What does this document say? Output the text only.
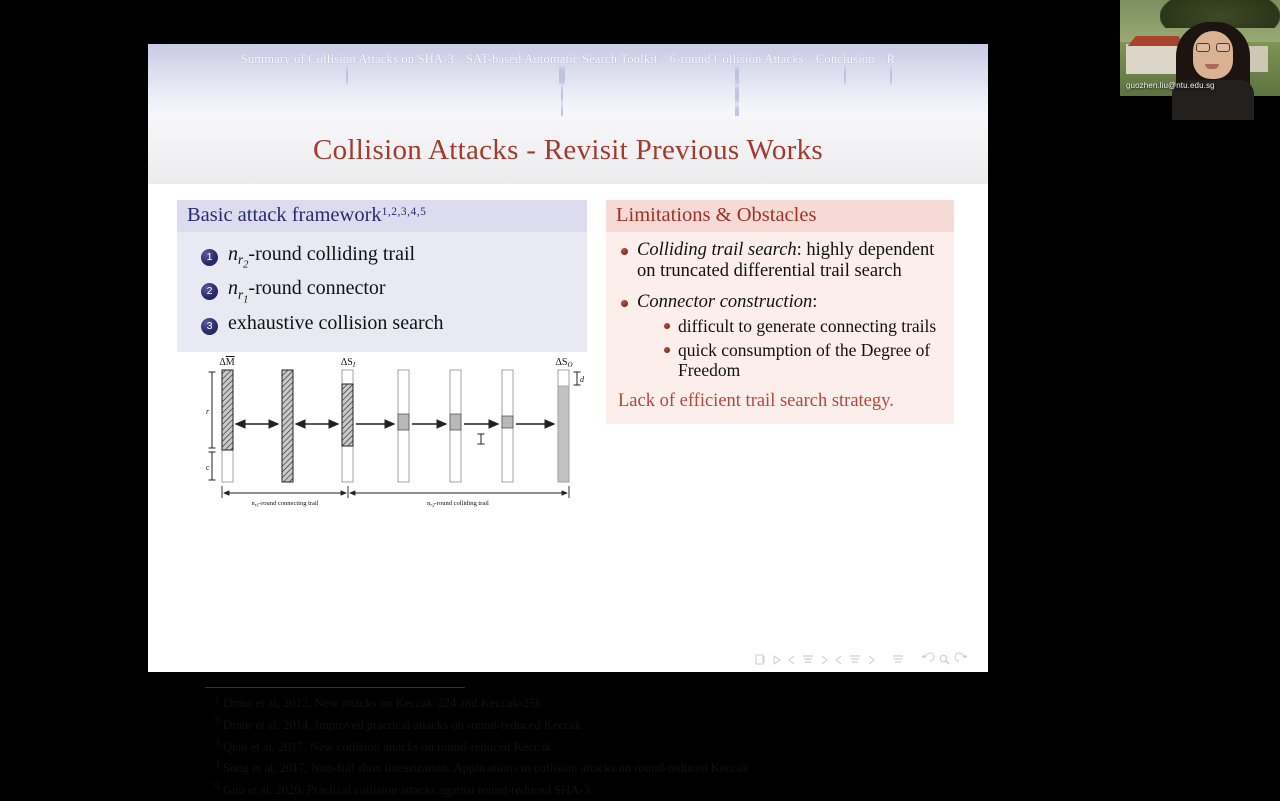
Summary of Collision Attacks on SHA-3 SAT-based Automatic Search Toolkit 6-round Collision Attacks Conclusion R
Collision Attacks - Revisit Previous Works
Basic attack framework$^{1,2,3,4,5}$
1 $n_{r_2}$-round colliding trail
2 $n_{r_1}$-round connector
3 exhaustive collision search
Limitations & Obstacles
Colliding trail search: highly dependent on truncated differential trail search
Connector construction:
difficult to generate connecting trails
quick consumption of the Degree of Freedom
Lack of efficient trail search strategy.
r
c
d
ΔM	$\Delta S_I$	$\Delta S_O$
$n_{r1}$-round connecting trail	$n_{r2}$-round colliding trail
1 Dinur et al, 2012, New attacks on Keccak-224 and Keccak-256
2 Dinur et al, 2014, Improved practical attacks on round-reduced Keccak
3 Qiao et al, 2017, New collision attacks on round-reduced Keccak
4 Song et al, 2017, Non-full sbox linearization: Applications to collision attacks on round-reduced Keccak
5 Guo et al, 2020, Practical collision attacks against round-reduced SHA-3
guozhen.liu@ntu.edu.sg
